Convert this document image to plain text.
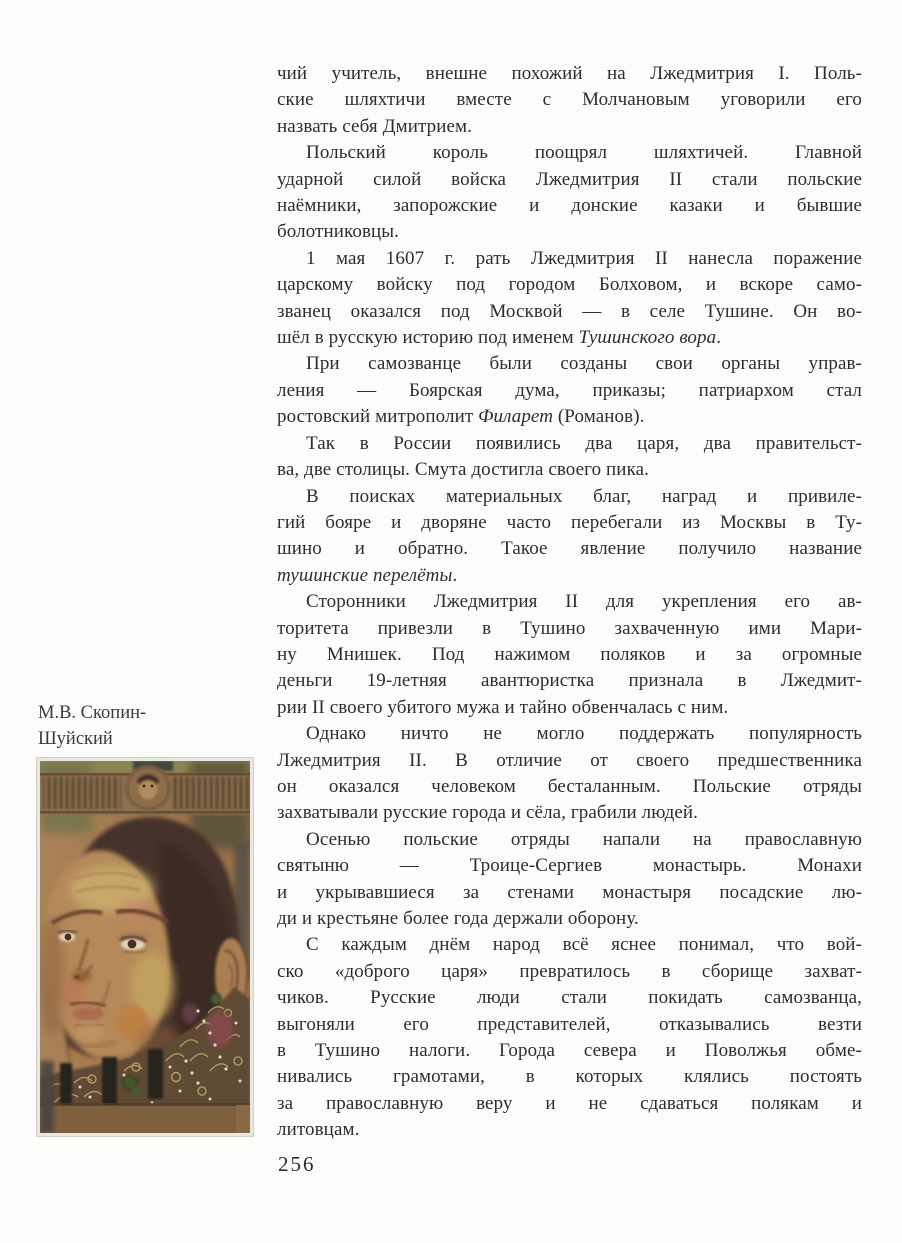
чий учитель, внешне похожий на Лжедмитрия I. Поль-
ские шляхтичи вместе с Молчановым уговорили его
назвать себя Дмитрием.
Польский король поощрял шляхтичей. Главной
ударной силой войска Лжедмитрия II стали польские
наёмники, запорожские и донские казаки и бывшие
болотниковцы.
1 мая 1607 г. рать Лжедмитрия II нанесла поражение
царскому войску под городом Болховом, и вскоре само-
званец оказался под Москвой — в селе Тушине. Он во-
шёл в русскую историю под именем Тушинского вора.
При самозванце были созданы свои органы управ-
ления — Боярская дума, приказы; патриархом стал
ростовский митрополит Филарет (Романов).
Так в России появились два царя, два правительст-
ва, две столицы. Смута достигла своего пика.
В поисках материальных благ, наград и привиле-
гий бояре и дворяне часто перебегали из Москвы в Ту-
шино и обратно. Такое явление получило название
тушинские перелёты.
Сторонники Лжедмитрия II для укрепления его ав-
торитета привезли в Тушино захваченную ими Мари-
ну Мнишек. Под нажимом поляков и за огромные
деньги 19-летняя авантюристка признала в Лжедмит-
рии II своего убитого мужа и тайно обвенчалась с ним.
Однако ничто не могло поддержать популярность
Лжедмитрия II. В отличие от своего предшественника
он оказался человеком бесталанным. Польские отряды
захватывали русские города и сёла, грабили людей.
Осенью польские отряды напали на православную
святыню — Троице-Сергиев монастырь. Монахи
и укрывавшиеся за стенами монастыря посадские лю-
ди и крестьяне более года держали оборону.
С каждым днём народ всё яснее понимал, что вой-
ско «доброго царя» превратилось в сборище захват-
чиков. Русские люди стали покидать самозванца,
выгоняли его представителей, отказывались везти
в Тушино налоги. Города севера и Поволжья обме-
нивались грамотами, в которых клялись постоять
за православную веру и не сдаваться полякам и
литовцам.
М.В. Скопин-
Шуйский
256
